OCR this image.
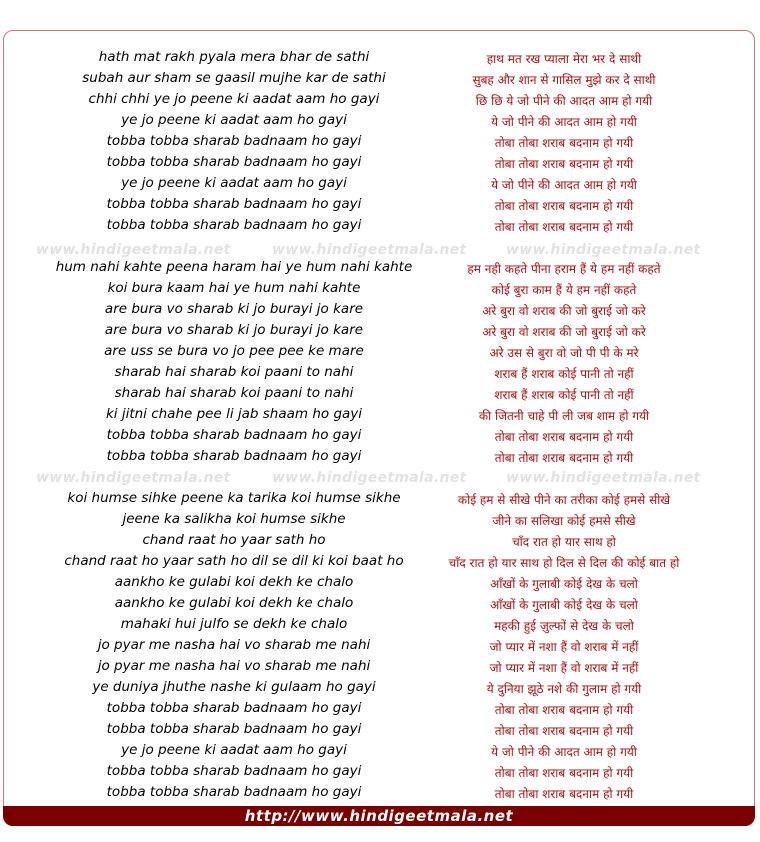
hath mat rakh pyala mera bhar de sathi
subah aur sham se gaasil mujhe kar de sathi
chhi chhi ye jo peene ki aadat aam ho gayi
ye jo peene ki aadat aam ho gayi
tobba tobba sharab badnaam ho gayi
tobba tobba sharab badnaam ho gayi
ye jo peene ki aadat aam ho gayi
tobba tobba sharab badnaam ho gayi
tobba tobba sharab badnaam ho gayi
हाथ मत रख प्याला मेरा भर दे साथी
सुबह और शान से गासिल मुझे कर दे साथी
छि छि ये जो पीने की आदत आम हो गयी
ये जो पीने की आदत आम हो गयी
तोबा तोबा शराब बदनाम हो गयी
तोबा तोबा शराब बदनाम हो गयी
ये जो पीने की आदत आम हो गयी
तोबा तोबा शराब बदनाम हो गयी
तोबा तोबा शराब बदनाम हो गयी
www.hindigeetmala.net	www.hindigeetmala.net	www.hindigeetmala.net
hum nahi kahte peena haram hai ye hum nahi kahte
koi bura kaam hai ye hum nahi kahte
are bura vo sharab ki jo burayi jo kare
are bura vo sharab ki jo burayi jo kare
are uss se bura vo jo pee pee ke mare
sharab hai sharab koi paani to nahi
sharab hai sharab koi paani to nahi
ki jitni chahe pee li jab shaam ho gayi
tobba tobba sharab badnaam ho gayi
tobba tobba sharab badnaam ho gayi
हम नही कहते पीना हराम हैं ये हम नहीं कहते
कोई बुरा काम हैं ये हम नहीं कहते
अरे बुरा वो शराब की जो बुराई जो करे
अरे बुरा वो शराब की जो बुराई जो करे
अरे उस से बुरा वो जो पी पी के मरे
शराब हैं शराब कोई पानी तो नहीं
शराब हैं शराब कोई पानी तो नहीं
की जितनी चाहे पी ली जब शाम हो गयी
तोबा तोबा शराब बदनाम हो गयी
तोबा तोबा शराब बदनाम हो गयी
www.hindigeetmala.net	www.hindigeetmala.net	www.hindigeetmala.net
koi humse sihke peene ka tarika koi humse sikhe
jeene ka salikha koi humse sikhe
chand raat ho yaar sath ho
chand raat ho yaar sath ho dil se dil ki koi baat ho
aankho ke gulabi koi dekh ke chalo
aankho ke gulabi koi dekh ke chalo
mahaki hui julfo se dekh ke chalo
jo pyar me nasha hai vo sharab me nahi
jo pyar me nasha hai vo sharab me nahi
ye duniya jhuthe nashe ki gulaam ho gayi
tobba tobba sharab badnaam ho gayi
tobba tobba sharab badnaam ho gayi
ye jo peene ki aadat aam ho gayi
tobba tobba sharab badnaam ho gayi
tobba tobba sharab badnaam ho gayi
कोई हम से सीखे पीने का तरीका कोई हमसे सीखे
जीने का सलिखा कोई हमसे सीखे
चाँद रात हो यार साथ हो
चाँद रात हो यार साथ हो दिल से दिल की कोई बात हो
आँखों के गुलाबी कोई देख के चलो
आँखों के गुलाबी कोई देख के चलो
महकी हुई ज़ुल्फों से देख के चलो
जो प्यार में नशा हैं वो शराब में नहीं
जो प्यार में नशा हैं वो शराब में नहीं
ये दुनिया झूठे नशे की गुलाम हो गयी
तोबा तोबा शराब बदनाम हो गयी
तोबा तोबा शराब बदनाम हो गयी
ये जो पीने की आदत आम हो गयी
तोबा तोबा शराब बदनाम हो गयी
तोबा तोबा शराब बदनाम हो गयी
http://www.hindigeetmala.net
